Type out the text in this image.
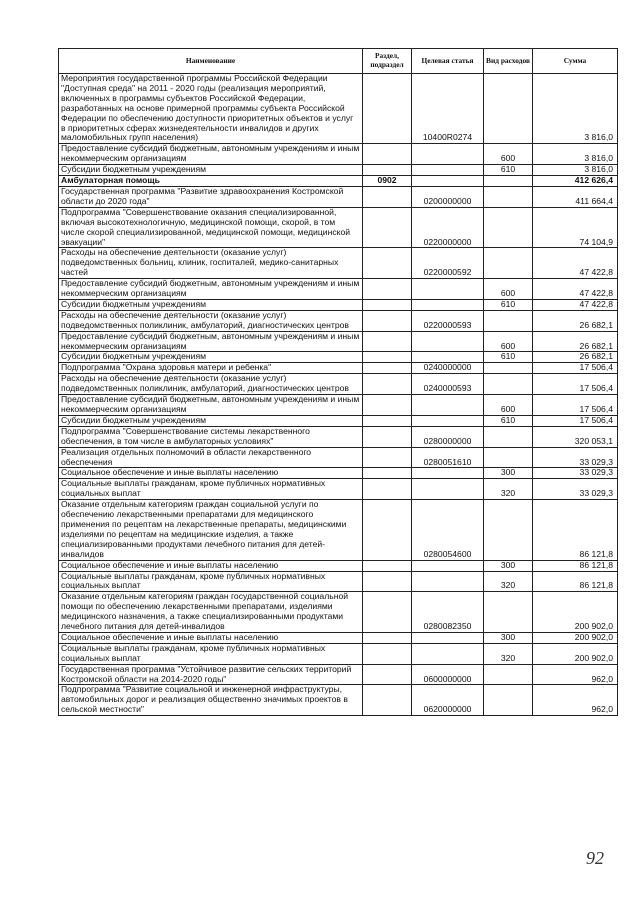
Наименование	Раздел, подраздел	Целевая статья	Вид расходов	Сумма
Мероприятия государственной программы Российской Федерации "Доступная среда" на 2011 - 2020 годы (реализация мероприятий, включенных в программы субъектов Российской Федерации, разработанных на основе примерной программы субъекта Российской Федерации по обеспечению доступности приоритетных объектов и услуг в приоритетных сферах жизнедеятельности инвалидов и других маломобильных групп населения)		10400R0274		3 816,0
Предоставление субсидий бюджетным, автономным учреждениям и иным некоммерческим организациям			600	3 816,0
Субсидии бюджетным учреждениям			610	3 816,0
Амбулаторная помощь	0902			412 626,4
Государственная программа "Развитие здравоохранения Костромской области до 2020 года"		0200000000		411 664,4
Подпрограмма "Совершенствование оказания специализированной, включая высокотехнологичную, медицинской помощи, скорой, в том числе скорой специализированной, медицинской помощи, медицинской эвакуации"		0220000000		74 104,9
Расходы на обеспечение деятельности (оказание услуг) подведомственных больниц, клиник, госпиталей, медико-санитарных частей		0220000592		47 422,8
Предоставление субсидий бюджетным, автономным учреждениям и иным некоммерческим организациям			600	47 422,8
Субсидии бюджетным учреждениям			610	47 422,8
Расходы на обеспечение деятельности (оказание услуг) подведомственных поликлиник, амбулаторий, диагностических центров		0220000593		26 682,1
Предоставление субсидий бюджетным, автономным учреждениям и иным некоммерческим организациям			600	26 682,1
Субсидии бюджетным учреждениям			610	26 682,1
Подпрограмма "Охрана здоровья матери и ребенка"		0240000000		17 506,4
Расходы на обеспечение деятельности (оказание услуг) подведомственных поликлиник, амбулаторий, диагностических центров		0240000593		17 506,4
Предоставление субсидий бюджетным, автономным учреждениям и иным некоммерческим организациям			600	17 506,4
Субсидии бюджетным учреждениям			610	17 506,4
Подпрограмма "Совершенствование системы лекарственного обеспечения, в том числе в амбулаторных условиях"		0280000000		320 053,1
Реализация отдельных полномочий в области лекарственного обеспечения		0280051610		33 029,3
Социальное обеспечение и иные выплаты населению			300	33 029,3
Социальные выплаты гражданам, кроме публичных нормативных социальных выплат			320	33 029,3
Оказание отдельным категориям граждан социальной услуги по обеспечению лекарственными препаратами для медицинского применения по рецептам на лекарственные препараты, медицинскими изделиями по рецептам на медицинские изделия, а также специализированными продуктами лечебного питания для детей-инвалидов		0280054600		86 121,8
Социальное обеспечение и иные выплаты населению			300	86 121,8
Социальные выплаты гражданам, кроме публичных нормативных социальных выплат			320	86 121,8
Оказание отдельным категориям граждан государственной социальной помощи по обеспечению лекарственными препаратами, изделиями медицинского назначения, а также специализированными продуктами лечебного питания для детей-инвалидов		0280082350		200 902,0
Социальное обеспечение и иные выплаты населению			300	200 902,0
Социальные выплаты гражданам, кроме публичных нормативных социальных выплат			320	200 902,0
Государственная программа "Устойчивое развитие сельских территорий Костромской области на 2014-2020 годы"		0600000000		962,0
Подпрограмма "Развитие социальной и инженерной инфраструктуры, автомобильных дорог и реализация общественно значимых проектов в сельской местности"		0620000000		962,0
92
